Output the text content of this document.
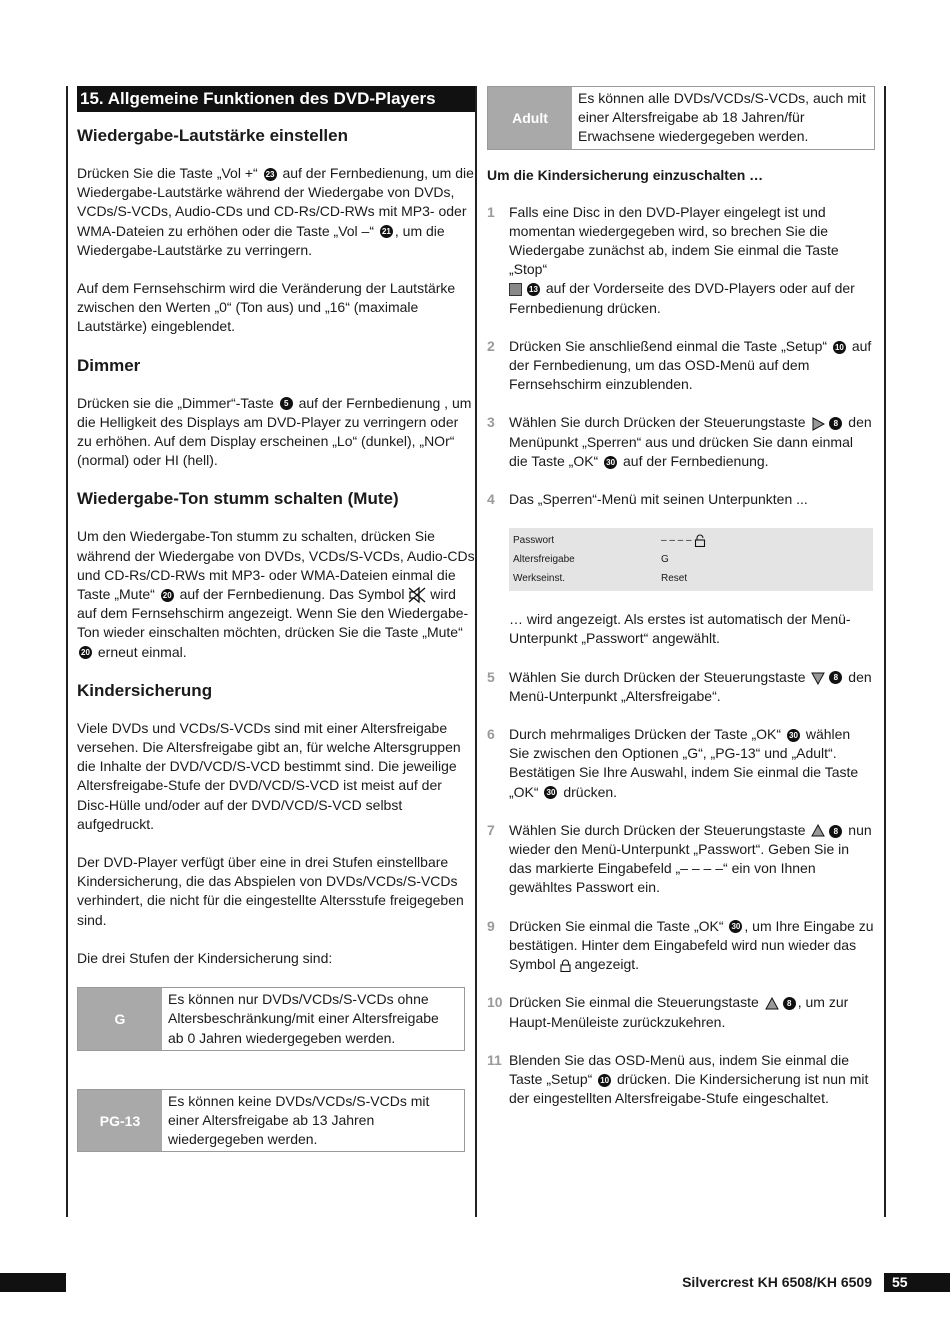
15. Allgemeine Funktionen des DVD-Players
Wiedergabe-Lautstärke einstellen

Drücken Sie die Taste „Vol +“ 23 auf der Fernbedienung, um die Wiedergabe-Lautstärke während der Wiedergabe von DVDs, VCDs/S-VCDs, Audio-CDs und CD-Rs/CD-RWs mit MP3- oder WMA-Dateien zu erhöhen oder die Taste „Vol –“ 21 , um die Wiedergabe-Lautstärke zu verringern.

Auf dem Fernsehschirm wird die Veränderung der Lautstärke zwischen den Werten „0“ (Ton aus) und „16“ (maximale Lautstärke) eingeblendet.

Dimmer

Drücken sie die „Dimmer“-Taste 5 auf der Fernbedienung , um die Helligkeit des Displays am DVD-Player zu verringern oder zu erhöhen. Auf dem Display erscheinen „Lo“ (dunkel), „NOr“ (normal) oder HI (hell).

Wiedergabe-Ton stumm schalten (Mute)

Um den Wiedergabe-Ton stumm zu schalten, drücken Sie während der Wiedergabe von DVDs, VCDs/S-VCDs, Audio-CDs und CD-Rs/CD-RWs mit MP3- oder WMA-Dateien einmal die Taste „Mute“ 20 auf der Fernbedienung. Das Symbol wird auf dem Fernsehschirm angezeigt. Wenn Sie den Wiedergabe-Ton wieder einschalten möchten, drücken Sie die Taste „Mute“ 20 erneut einmal.

Kindersicherung

Viele DVDs und VCDs/S-VCDs sind mit einer Altersfreigabe versehen. Die Altersfreigabe gibt an, für welche Altersgruppen die Inhalte der DVD/VCD/S-VCD bestimmt sind. Die jeweilige Altersfreigabe-Stufe der DVD/VCD/S-VCD ist meist auf der Disc-Hülle und/oder auf der DVD/VCD/S-VCD selbst aufgedruckt.

Der DVD-Player verfügt über eine in drei Stufen einstellbare Kindersicherung, die das Abspielen von DVDs/VCDs/S-VCDs verhindert, die nicht für die eingestellte Altersstufe freigegeben sind.

Die drei Stufen der Kindersicherung sind:

G
Es können nur DVDs/VCDs/S-VCDs ohne Altersbeschränkung/mit einer Altersfreigabe ab 0 Jahren wiedergegeben werden.
PG-13
Es können keine DVDs/VCDs/S-VCDs mit einer Altersfreigabe ab 13 Jahren wiedergegeben werden.
Adult
Es können alle DVDs/VCDs/S-VCDs, auch mit einer Altersfreigabe ab 18 Jahren/für Erwachsene wiedergegeben werden.
Um die Kindersicherung einzuschalten …
1	Falls eine Disc in den DVD-Player eingelegt ist und momentan wiedergegeben wird, so brechen Sie die Wiedergabe zunächst ab, indem Sie einmal die Taste „Stop“
13 auf der Vorderseite des DVD-Players oder auf der Fernbedienung drücken.
2	Drücken Sie anschließend einmal die Taste „Setup“ 10 auf der Fernbedienung, um das OSD-Menü auf dem Fernsehschirm einzublenden.
3	Wählen Sie durch Drücken der Steuerungstaste	8 den Menüpunkt „Sperren“ aus und drücken Sie dann einmal die Taste „OK“ 30 auf der Fernbedienung.
4	Das „Sperren“-Menü mit seinen Unterpunkten ...
Passwort	– – – –
Altersfreigabe	G
Werkseinst.	Reset
… wird angezeigt. Als erstes ist automatisch der Menü-Unterpunkt „Passwort“ angewählt.
5	Wählen Sie durch Drücken der Steuerungstaste	8 den Menü-Unterpunkt „Altersfreigabe“.
6	Durch mehrmaliges Drücken der Taste „OK“ 30 wählen Sie zwischen den Optionen „G“, „PG-13“ und „Adult“. Bestätigen Sie Ihre Auswahl, indem Sie einmal die Taste „OK“ 30 drücken.
7	Wählen Sie durch Drücken der Steuerungstaste	8 nun wieder den Menü-Unterpunkt „Passwort“. Geben Sie in das markierte Eingabefeld „– – – –“ ein von Ihnen gewähltes Passwort ein.
9	Drücken Sie einmal die Taste „OK“ 30 , um Ihre Eingabe zu bestätigen. Hinter dem Eingabefeld wird nun wieder das Symbol angezeigt.
10 Drücken Sie einmal die Steuerungstaste	8 , um zur Haupt-Menüleiste zurückzukehren.
11 Blenden Sie das OSD-Menü aus, indem Sie einmal die Taste „Setup“ 10 drücken. Die Kindersicherung ist nun mit der eingestellten Altersfreigabe-Stufe eingeschaltet.
Silvercrest KH 6508/KH 6509	55
